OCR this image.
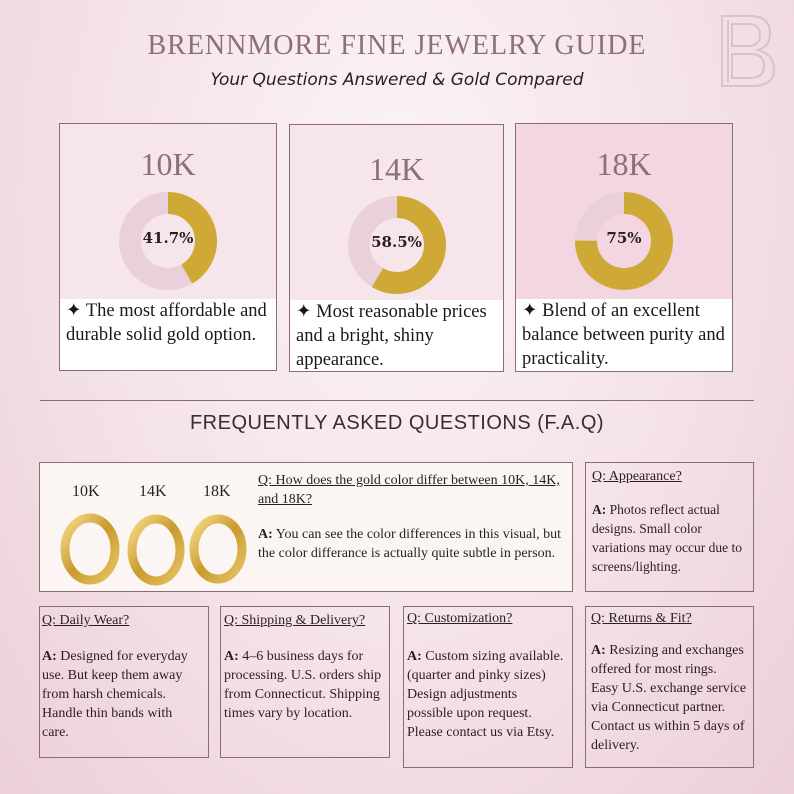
BRENNMORE FINE JEWELRY GUIDE
Your Questions Answered & Gold Compared
10K
41.7%
✦ The most affordable and durable solid gold option.
14K
58.5%
✦ Most reasonable prices and a bright, shiny appearance.
18K
75%
✦ Blend of an excellent balance between purity and practicality.
FREQUENTLY ASKED QUESTIONS (F.A.Q)
10K 14K 18K
Q: How does the gold color differ between 10K, 14K, and 18K?
A: You can see the color differences in this visual, but the color differance is actually quite subtle in person.
Q: Appearance?
A: Photos reflect actual designs. Small color variations may occur due to screens/lighting.
Q: Daily Wear?
A: Designed for everyday use. But keep them away from harsh chemicals. Handle thin bands with care.
Q: Shipping & Delivery?
A: 4–6 business days for processing. U.S. orders ship from Connecticut. Shipping times vary by location.
Q: Customization?
A: Custom sizing available. (quarter and pinky sizes) Design adjustments possible upon request. Please contact us via Etsy.
Q: Returns & Fit?
A: Resizing and exchanges offered for most rings. Easy U.S. exchange service via Connecticut partner. Contact us within 5 days of delivery.
